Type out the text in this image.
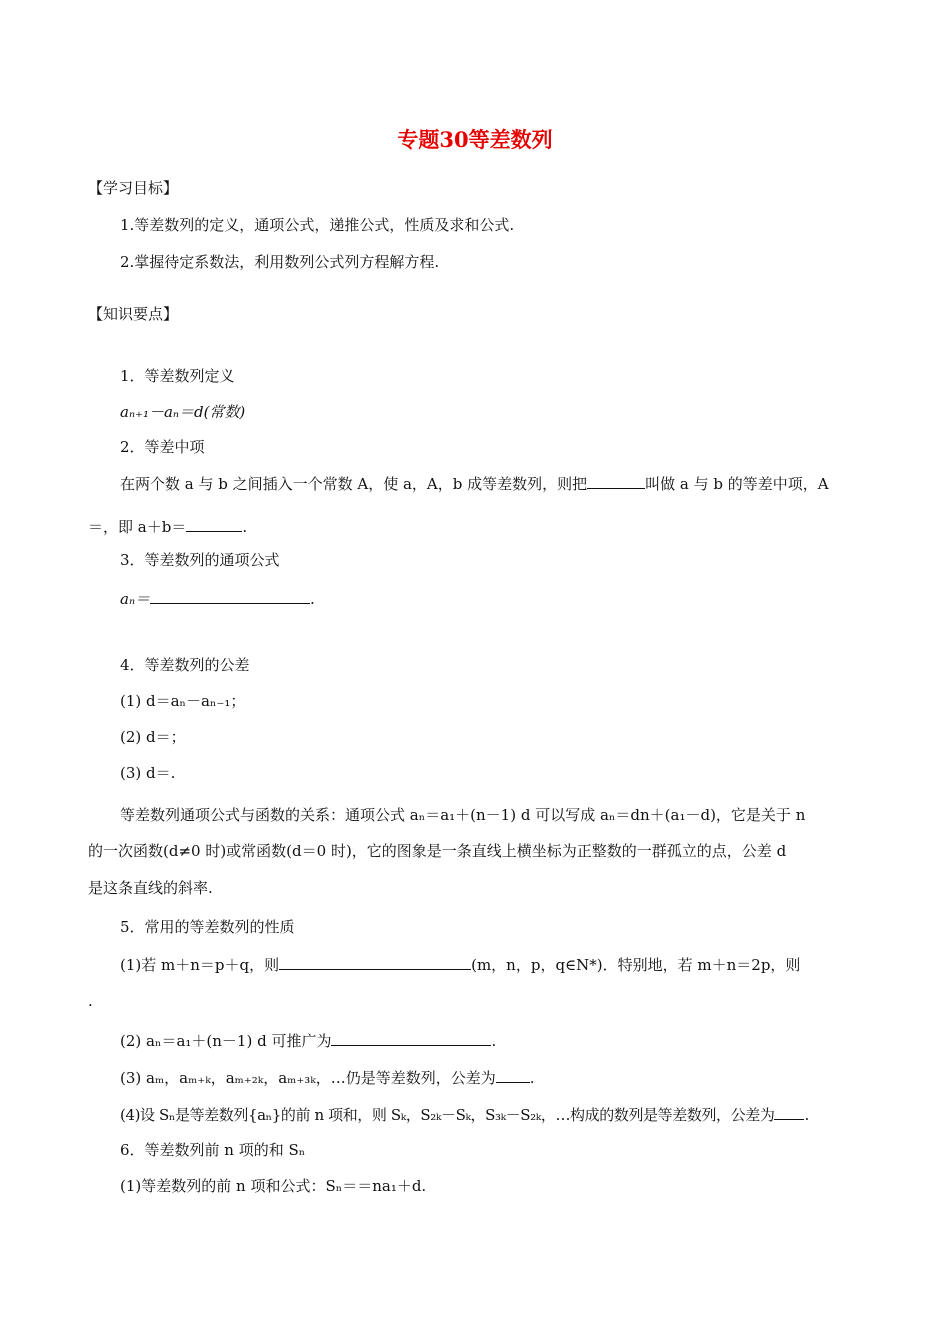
专题30等差数列
【学习目标】
1.等差数列的定义，通项公式，递推公式，性质及求和公式.
2.掌握待定系数法，利用数列公式列方程解方程.
【知识要点】
1．等差数列定义
aₙ₊₁－aₙ＝d(常数)
2．等差中项
在两个数 a 与 b 之间插入一个常数 A，使 a，A，b 成等差数列，则把	叫做 a 与 b 的等差中项，A
＝，即 a＋b＝	.
3．等差数列的通项公式
aₙ＝	.
4．等差数列的公差
(1) d＝aₙ－aₙ₋₁；
(2) d＝；
(3) d＝.
等差数列通项公式与函数的关系：通项公式 aₙ＝a₁＋(n－1) d 可以写成 aₙ＝dn＋(a₁－d)，它是关于 n
的一次函数(d≠0 时)或常函数(d＝0 时)，它的图象是一条直线上横坐标为正整数的一群孤立的点，公差 d
是这条直线的斜率.
5．常用的等差数列的性质
(1)若 m＋n＝p＋q，则	(m，n，p，q∈N*)．特别地，若 m＋n＝2p，则
.
(2) aₙ＝a₁＋(n－1) d 可推广为	.
(3) aₘ，aₘ₊ₖ，aₘ₊₂ₖ，aₘ₊₃ₖ，…仍是等差数列，公差为 .
(4)设 Sₙ是等差数列{aₙ}的前 n 项和，则 Sₖ，S₂ₖ－Sₖ，S₃ₖ－S₂ₖ，…构成的数列是等差数列，公差为 .
6．等差数列前 n 项的和 Sₙ
(1)等差数列的前 n 项和公式：Sₙ＝＝na₁＋d.
